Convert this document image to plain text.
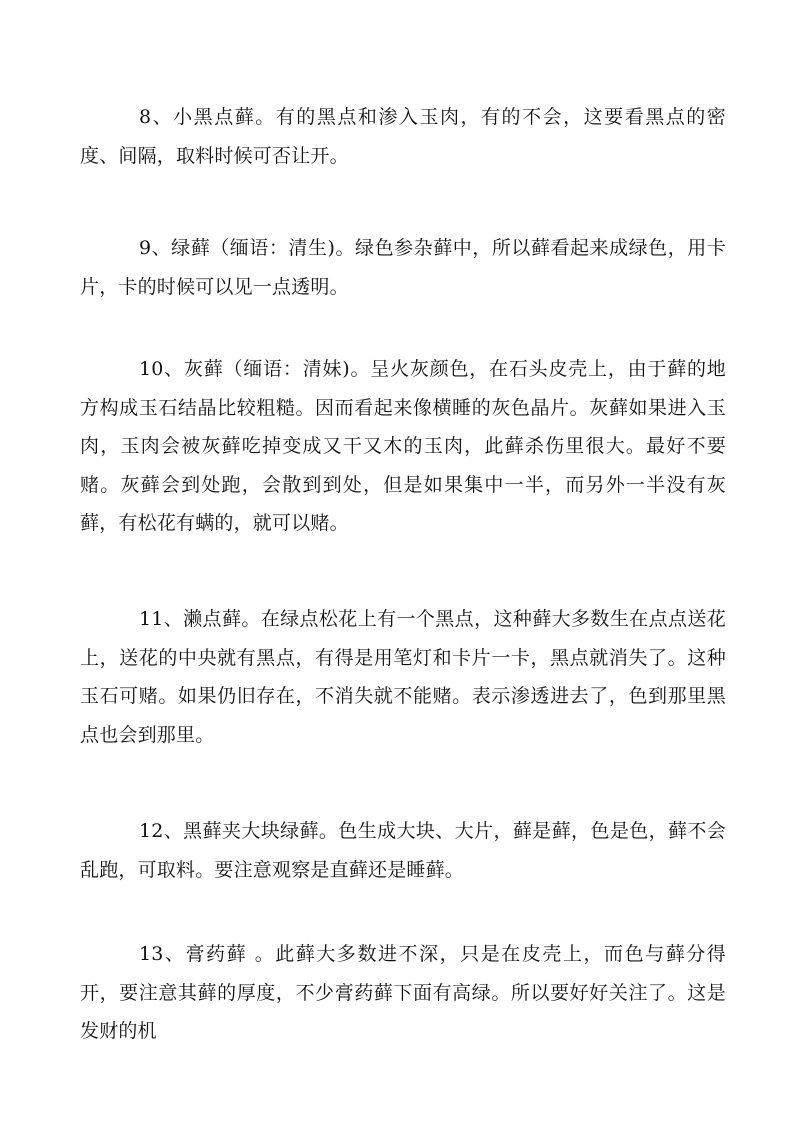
8、小黑点藓。有的黑点和渗入玉肉，有的不会，这要看黑点的密度、间隔，取料时候可否让开。

9、绿藓（缅语：清生)。绿色参杂藓中，所以藓看起来成绿色，用卡片，卡的时候可以见一点透明。

10、灰藓（缅语：清妹)。呈火灰颜色，在石头皮壳上，由于藓的地方构成玉石结晶比较粗糙。因而看起来像横睡的灰色晶片。灰藓如果进入玉肉，玉肉会被灰藓吃掉变成又干又木的玉肉，此藓杀伤里很大。最好不要赌。灰藓会到处跑，会散到到处，但是如果集中一半，而另外一半没有灰藓，有松花有螨的，就可以赌。

11、濑点藓。在绿点松花上有一个黑点，这种藓大多数生在点点送花上，送花的中央就有黑点，有得是用笔灯和卡片一卡，黑点就消失了。这种玉石可赌。如果仍旧存在，不消失就不能赌。表示渗透进去了，色到那里黑点也会到那里。

12、黑藓夹大块绿藓。色生成大块、大片，藓是藓，色是色，藓不会乱跑，可取料。要注意观察是直藓还是睡藓。

13、膏药藓 。此藓大多数进不深，只是在皮壳上，而色与藓分得开，要注意其藓的厚度，不少膏药藓下面有高绿。所以要好好关注了。这是发财的机
